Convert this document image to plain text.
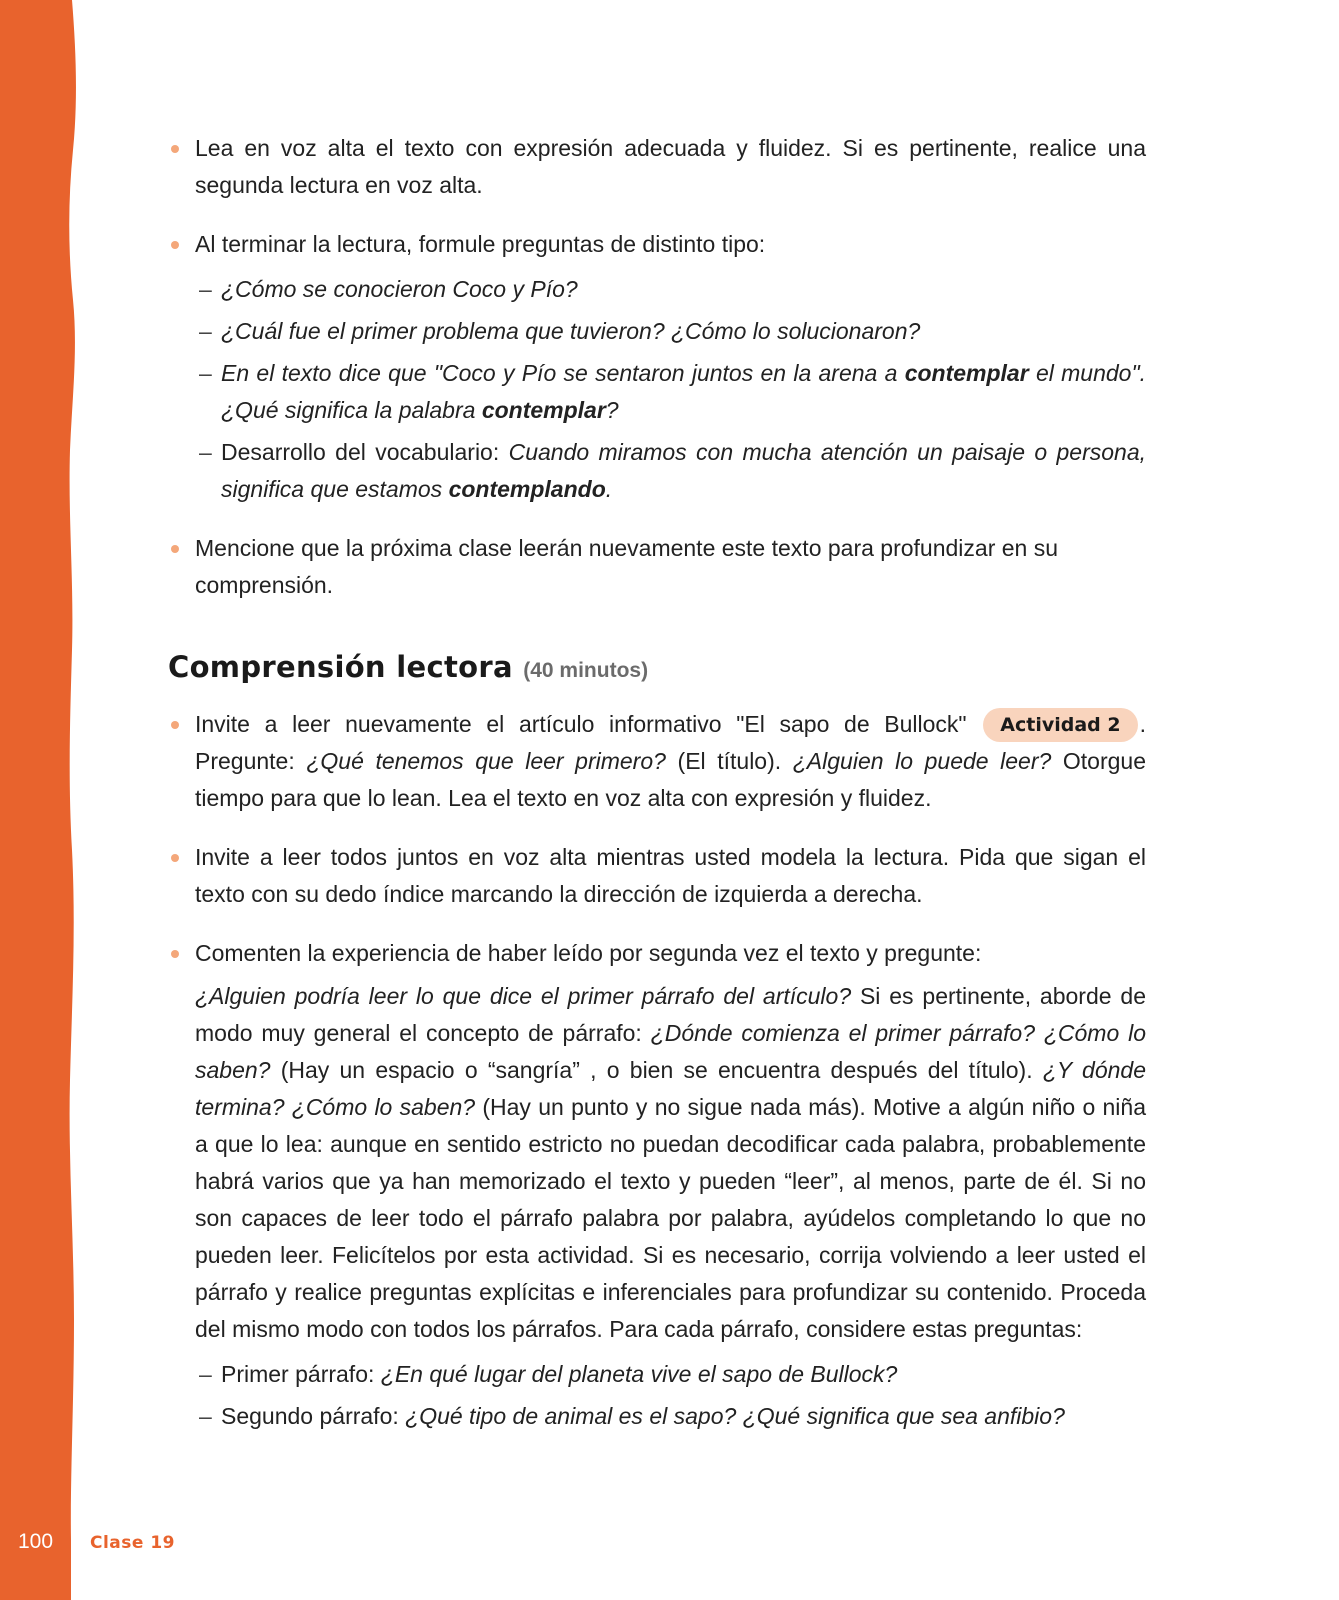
Lea en voz alta el texto con expresión adecuada y fluidez. Si es pertinente, realice una segunda lectura en voz alta.
Al terminar la lectura, formule preguntas de distinto tipo:
– ¿Cómo se conocieron Coco y Pío?
– ¿Cuál fue el primer problema que tuvieron? ¿Cómo lo solucionaron?
– En el texto dice que "Coco y Pío se sentaron juntos en la arena a contemplar el mundo". ¿Qué significa la palabra contemplar?
– Desarrollo del vocabulario: Cuando miramos con mucha atención un paisaje o persona, significa que estamos contemplando.
Mencione que la próxima clase leerán nuevamente este texto para profundizar en su comprensión.
Comprensión lectora (40 minutos)
Invite a leer nuevamente el artículo informativo "El sapo de Bullock" Actividad 2 . Pregunte: ¿Qué tenemos que leer primero? (El título). ¿Alguien lo puede leer? Otorgue tiempo para que lo lean. Lea el texto en voz alta con expresión y fluidez.
Invite a leer todos juntos en voz alta mientras usted modela la lectura. Pida que sigan el texto con su dedo índice marcando la dirección de izquierda a derecha.
Comenten la experiencia de haber leído por segunda vez el texto y pregunte:
¿Alguien podría leer lo que dice el primer párrafo del artículo? Si es pertinente, aborde de modo muy general el concepto de párrafo: ¿Dónde comienza el primer párrafo? ¿Cómo lo saben? (Hay un espacio o “sangría” , o bien se encuentra después del título). ¿Y dónde termina? ¿Cómo lo saben? (Hay un punto y no sigue nada más). Motive a algún niño o niña a que lo lea: aunque en sentido estricto no puedan decodificar cada palabra, probablemente habrá varios que ya han memorizado el texto y pueden “leer”, al menos, parte de él. Si no son capaces de leer todo el párrafo palabra por palabra, ayúdelos completando lo que no pueden leer. Felicítelos por esta actividad. Si es necesario, corrija volviendo a leer usted el párrafo y realice preguntas explícitas e inferenciales para profundizar su contenido. Proceda del mismo modo con todos los párrafos. Para cada párrafo, considere estas preguntas:
– Primer párrafo: ¿En qué lugar del planeta vive el sapo de Bullock?
– Segundo párrafo: ¿Qué tipo de animal es el sapo? ¿Qué significa que sea anfibio?
100 Clase 19
